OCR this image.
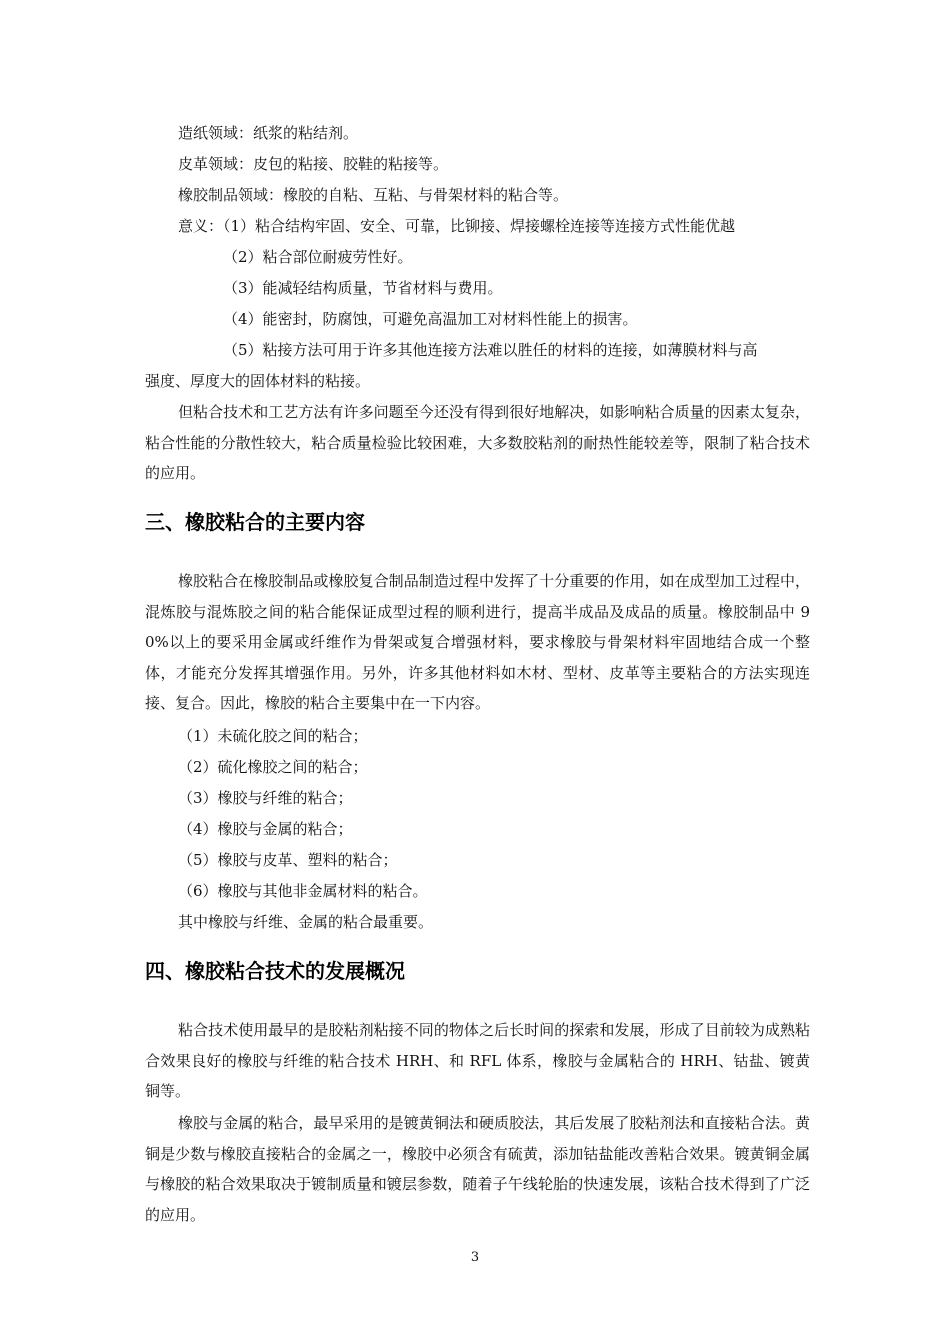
造纸领域：纸浆的粘结剂。

皮革领域：皮包的粘接、胶鞋的粘接等。

橡胶制品领域：橡胶的自粘、互粘、与骨架材料的粘合等。

意义：（1）粘合结构牢固、安全、可靠，比铆接、焊接螺栓连接等连接方式性能优越

（2）粘合部位耐疲劳性好。

（3）能减轻结构质量，节省材料与费用。

（4）能密封，防腐蚀，可避免高温加工对材料性能上的损害。

（5）粘接方法可用于许多其他连接方法难以胜任的材料的连接，如薄膜材料与高

强度、厚度大的固体材料的粘接。

但粘合技术和工艺方法有许多问题至今还没有得到很好地解决，如影响粘合质量的因素太复杂，粘合性能的分散性较大，粘合质量检验比较困难，大多数胶粘剂的耐热性能较差等，限制了粘合技术的应用。

三、橡胶粘合的主要内容

橡胶粘合在橡胶制品或橡胶复合制品制造过程中发挥了十分重要的作用，如在成型加工过程中，混炼胶与混炼胶之间的粘合能保证成型过程的顺利进行，提高半成品及成品的质量。橡胶制品中 90%以上的要采用金属或纤维作为骨架或复合增强材料，要求橡胶与骨架材料牢固地结合成一个整体，才能充分发挥其增强作用。另外，许多其他材料如木材、型材、皮革等主要粘合的方法实现连接、复合。因此，橡胶的粘合主要集中在一下内容。

（1）未硫化胶之间的粘合；

（2）硫化橡胶之间的粘合；

（3）橡胶与纤维的粘合；

（4）橡胶与金属的粘合；

（5）橡胶与皮革、塑料的粘合；

（6）橡胶与其他非金属材料的粘合。

其中橡胶与纤维、金属的粘合最重要。

四、橡胶粘合技术的发展概况

粘合技术使用最早的是胶粘剂粘接不同的物体之后长时间的探索和发展，形成了目前较为成熟粘合效果良好的橡胶与纤维的粘合技术 HRH、和 RFL 体系，橡胶与金属粘合的 HRH、钴盐、镀黄铜等。

橡胶与金属的粘合，最早采用的是镀黄铜法和硬质胶法，其后发展了胶粘剂法和直接粘合法。黄铜是少数与橡胶直接粘合的金属之一，橡胶中必须含有硫黄，添加钴盐能改善粘合效果。镀黄铜金属与橡胶的粘合效果取决于镀制质量和镀层参数，随着子午线轮胎的快速发展，该粘合技术得到了广泛的应用。

3
